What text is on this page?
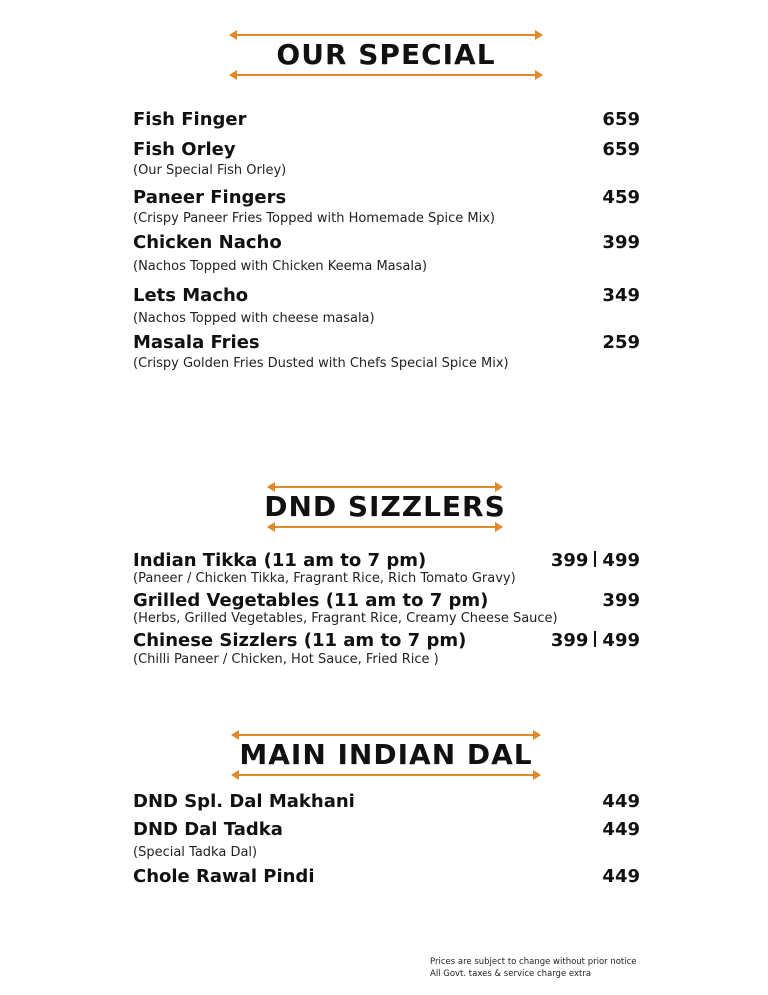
OUR SPECIAL
Fish Finger	659
Fish Orley	659
(Our Special Fish Orley)
Paneer Fingers	459
(Crispy Paneer Fries Topped with Homemade Spice Mix)
Chicken Nacho	399
(Nachos Topped with Chicken Keema Masala)
Lets Macho	349
(Nachos Topped with cheese masala)
Masala Fries	259
(Crispy Golden Fries Dusted with Chefs Special Spice Mix)
DND SIZZLERS
Indian Tikka (11 am to 7 pm)	399 499
(Paneer / Chicken Tikka, Fragrant Rice, Rich Tomato Gravy)
Grilled Vegetables (11 am to 7 pm)	399
(Herbs, Grilled Vegetables, Fragrant Rice, Creamy Cheese Sauce)
Chinese Sizzlers (11 am to 7 pm)	399 499
(Chilli Paneer / Chicken, Hot Sauce, Fried Rice )
MAIN INDIAN DAL
DND Spl. Dal Makhani	449
DND Dal Tadka	449
(Special Tadka Dal)
Chole Rawal Pindi	449
Prices are subject to change without prior notice
All Govt. taxes & service charge extra
